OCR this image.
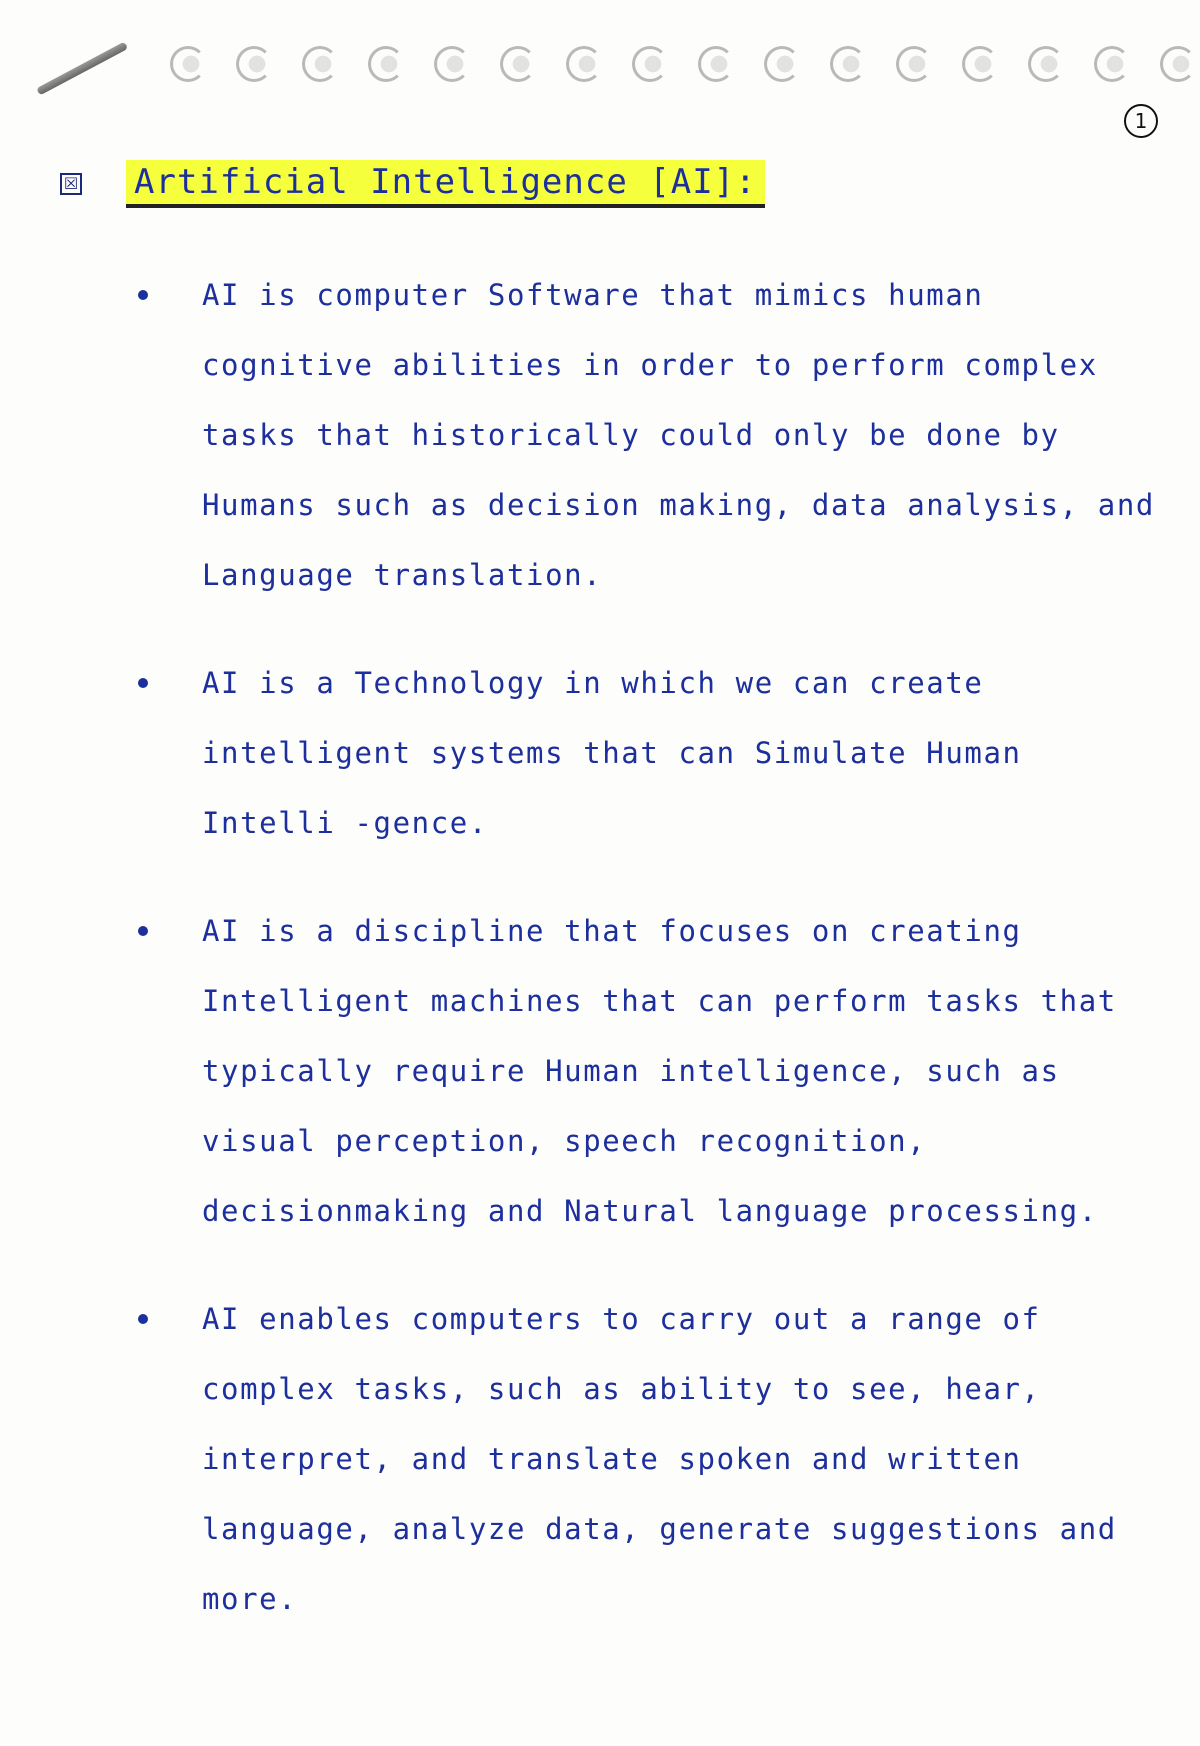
1
☒ Artificial Intelligence [AI]:

AI is computer Software that mimics human cognitive abilities in order to perform complex tasks that historically could only be done by Humans such as decision making, data analysis, and Language translation.

AI is a Technology in which we can create intelligent systems that can Simulate Human Intelli -gence.

AI is a discipline that focuses on creating Intelligent machines that can perform tasks that typically require Human intelligence, such as visual perception, speech recognition, decisionmaking and Natural language processing.

AI enables computers to carry out a range of complex tasks, such as ability to see, hear, interpret, and translate spoken and written language, analyze data, generate suggestions and more.
